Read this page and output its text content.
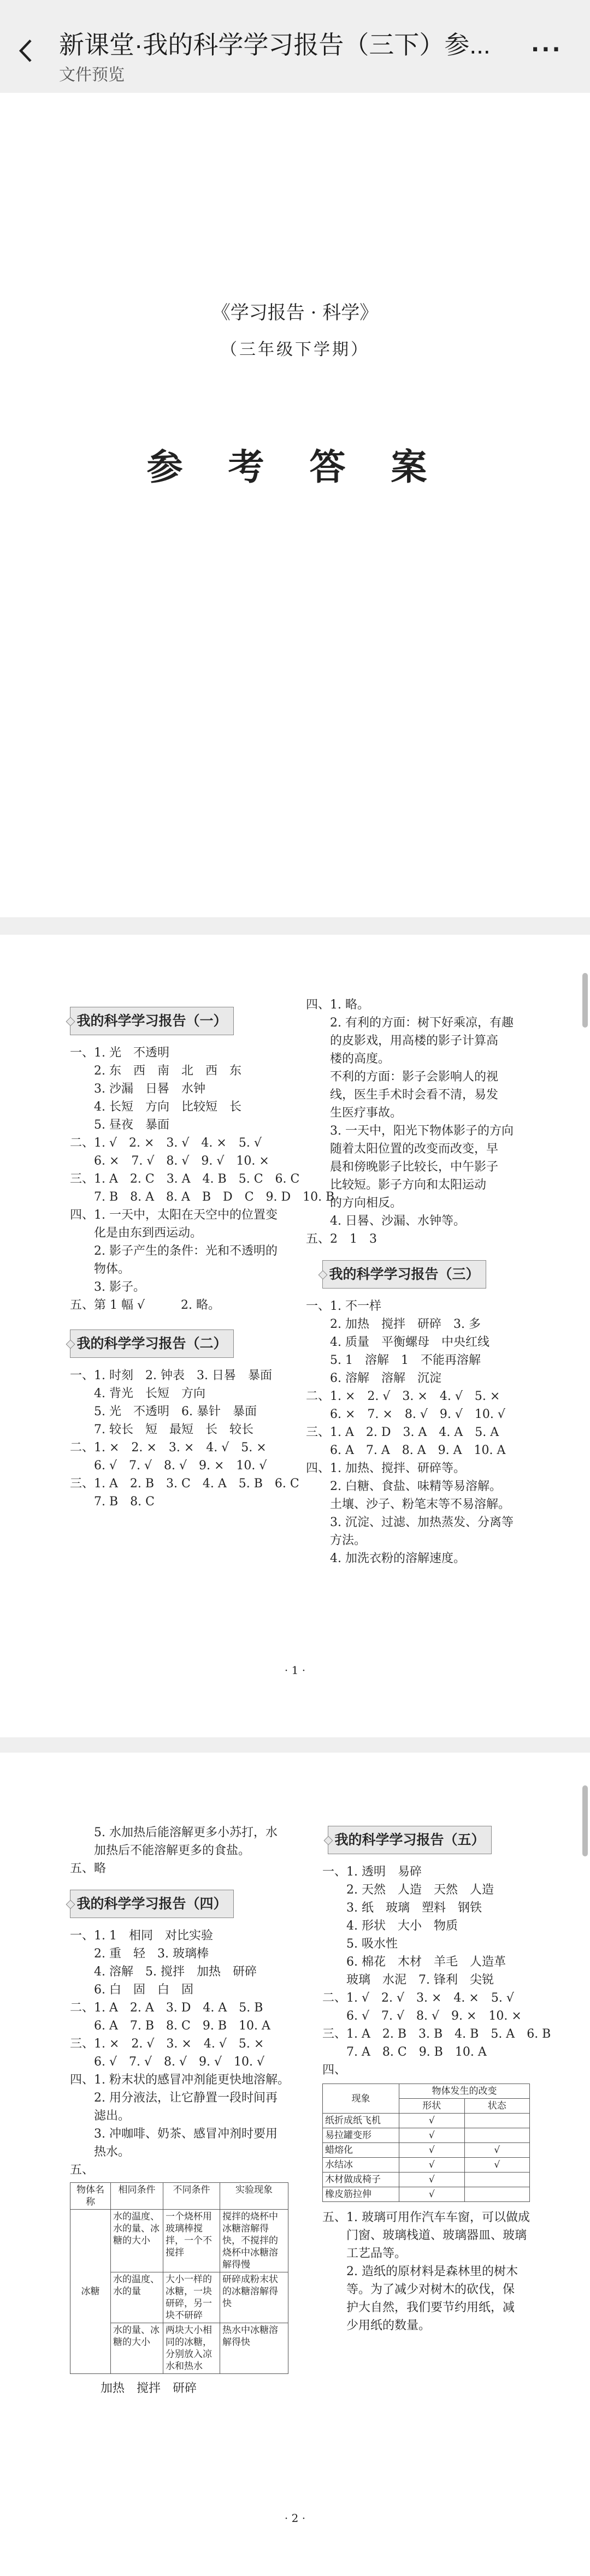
新课堂·我的科学学习报告（三下）参...
文件预览
···
《学习报告 · 科学》
（三年级下学期）
参 考 答 案
我的科学学习报告（一）
一、1. 光　不透明
　　2. 东　西　南　北　西　东
　　3. 沙漏　日晷　水钟
　　4. 长短　方向　比较短　长
　　5. 昼夜　暴面
二、1. √　2. ×　3. √　4. ×　5. √
　　6. ×　7. √　8. √　9. √　10. ×
三、1. A　2. C　3. A　4. B　5. C　6. C
　　7. B　8. A　8. A　B　D　C　9. D　10. B
四、1. 一天中，太阳在天空中的位置变
　　化是由东到西运动。
　　2. 影子产生的条件：光和不透明的
　　物体。
　　3. 影子。
五、第 1 幅 √　　　2. 略。
我的科学学习报告（二）
一、1. 时刻　2. 钟表　3. 日晷　暴面
　　4. 背光　长短　方向
　　5. 光　不透明　6. 暴针　暴面
　　7. 较长　短　最短　长　较长
二、1. ×　2. ×　3. ×　4. √　5. ×
　　6. √　7. √　8. √　9. ×　10. √
三、1. A　2. B　3. C　4. A　5. B　6. C
　　7. B　8. C
四、1. 略。
　　2. 有利的方面：树下好乘凉，有趣
　　的皮影戏，用高楼的影子计算高
　　楼的高度。
　　不利的方面：影子会影响人的视
　　线，医生手术时会看不清，易发
　　生医疗事故。
　　3. 一天中，阳光下物体影子的方向
　　随着太阳位置的改变而改变，早
　　晨和傍晚影子比较长，中午影子
　　比较短。影子方向和太阳运动
　　的方向相反。
　　4. 日晷、沙漏、水钟等。
五、2　1　3
我的科学学习报告（三）
一、1. 不一样
　　2. 加热　搅拌　研碎　3. 多
　　4. 质量　平衡螺母　中央红线
　　5. 1　溶解　1　不能再溶解
　　6. 溶解　溶解　沉淀
二、1. ×　2. √　3. ×　4. √　5. ×
　　6. ×　7. ×　8. √　9. √　10. √
三、1. A　2. D　3. A　4. A　5. A
　　6. A　7. A　8. A　9. A　10. A
四、1. 加热、搅拌、研碎等。
　　2. 白糖、食盐、味精等易溶解。
　　土壤、沙子、粉笔末等不易溶解。
　　3. 沉淀、过滤、加热蒸发、分离等
　　方法。
　　4. 加洗衣粉的溶解速度。
· 1 ·
　　5. 水加热后能溶解更多小苏打，水
　　加热后不能溶解更多的食盐。
五、略
我的科学学习报告（四）
一、1. 1　相同　对比实验
　　2. 重　轻　3. 玻璃棒
　　4. 溶解　5. 搅拌　加热　研碎
　　6. 白　固　白　固
二、1. A　2. A　3. D　4. A　5. B
　　6. A　7. B　8. C　9. B　10. A
三、1. ×　2. √　3. ×　4. √　5. ×
　　6. √　7. √　8. √　9. √　10. √
四、1. 粉末状的感冒冲剂能更快地溶解。
　　2. 用分液法，让它静置一段时间再
　　滤出。
　　3. 冲咖啡、奶茶、感冒冲剂时要用
　　热水。
五、
物体名称	相同条件	不同条件	实验现象
冰糖	水的温度、水的量、冰糖的大小	一个烧杯用玻璃棒搅拌，一个不搅拌	搅拌的烧杯中冰糖溶解得快，不搅拌的烧杯中冰糖溶解得慢
	水的温度、水的量	大小一样的冰糖，一块研碎，另一块不研碎	研碎成粉末状的冰糖溶解得快
	水的量、冰糖的大小	两块大小相同的冰糖，分别放入凉水和热水	热水中冰糖溶解得快
加热　搅拌　研碎
我的科学学习报告（五）
一、1. 透明　易碎
　　2. 天然　人造　天然　人造
　　3. 纸　玻璃　塑料　钢铁
　　4. 形状　大小　物质
　　5. 吸水性
　　6. 棉花　木材　羊毛　人造革
　　玻璃　水泥　7. 锋利　尖锐
二、1. √　2. √　3. ×　4. ×　5. √
　　6. √　7. √　8. √　9. ×　10. ×
三、1. A　2. B　3. B　4. B　5. A　6. B
　　7. A　8. C　9. B　10. A
四、
现象	物体发生的改变	
	形状	状态
纸折成纸飞机	√	
易拉罐变形	√	
蜡熔化	√	√
水结冰	√	√
木材做成椅子	√	
橡皮筋拉伸	√	
五、1. 玻璃可用作汽车车窗，可以做成
　　门窗、玻璃栈道、玻璃器皿、玻璃
　　工艺品等。
　　2. 造纸的原材料是森林里的树木
　　等。为了减少对树木的砍伐，保
　　护大自然，我们要节约用纸，减
　　少用纸的数量。
· 2 ·
